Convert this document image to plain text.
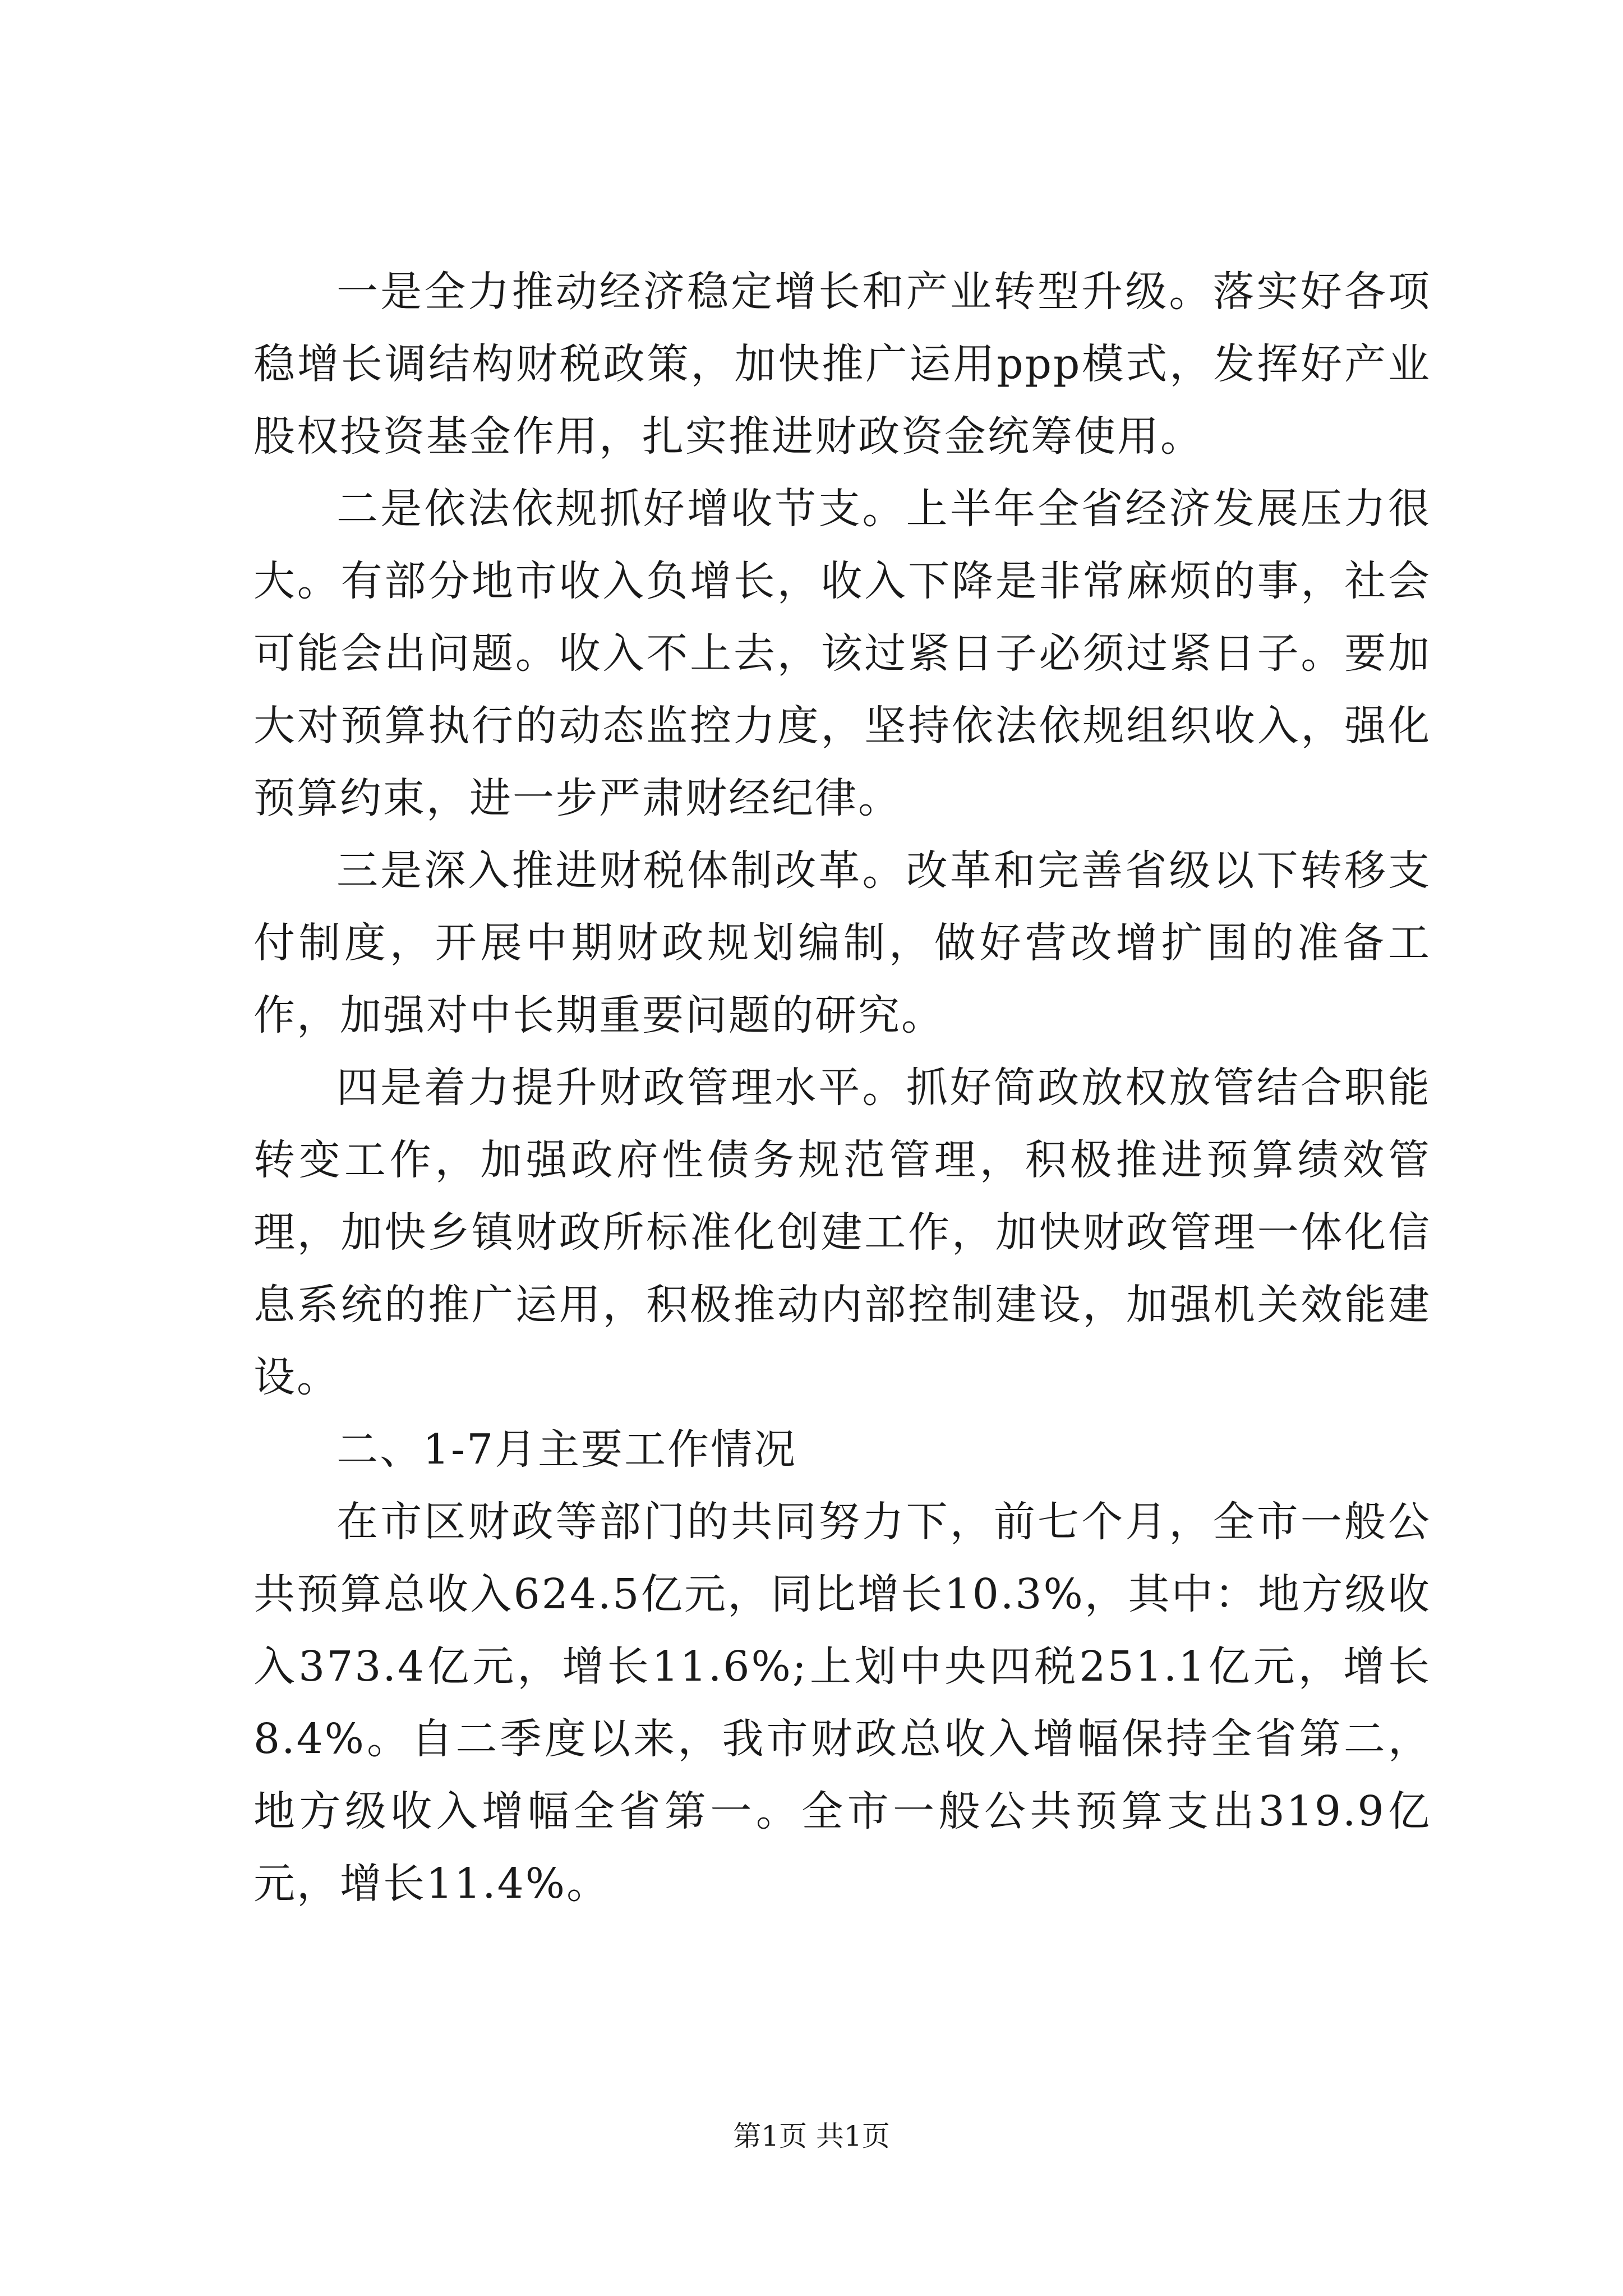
一是全力推动经济稳定增长和产业转型升级。落实好各项稳增长调结构财税政策，加快推广运用ppp模式，发挥好产业股权投资基金作用，扎实推进财政资金统筹使用。

二是依法依规抓好增收节支。上半年全省经济发展压力很大。有部分地市收入负增长，收入下降是非常麻烦的事，社会可能会出问题。收入不上去，该过紧日子必须过紧日子。要加大对预算执行的动态监控力度，坚持依法依规组织收入，强化预算约束，进一步严肃财经纪律。

三是深入推进财税体制改革。改革和完善省级以下转移支付制度，开展中期财政规划编制，做好营改增扩围的准备工作，加强对中长期重要问题的研究。

四是着力提升财政管理水平。抓好简政放权放管结合职能转变工作，加强政府性债务规范管理，积极推进预算绩效管理，加快乡镇财政所标准化创建工作，加快财政管理一体化信息系统的推广运用，积极推动内部控制建设，加强机关效能建设。

二、1-7月主要工作情况

在市区财政等部门的共同努力下，前七个月，全市一般公共预算总收入624.5亿元，同比增长10.3%，其中：地方级收入373.4亿元，增长11.6%;上划中央四税251.1亿元，增长8.4%。自二季度以来，我市财政总收入增幅保持全省第二，地方级收入增幅全省第一。全市一般公共预算支出319.9亿元，增长11.4%。

第1页 共1页
